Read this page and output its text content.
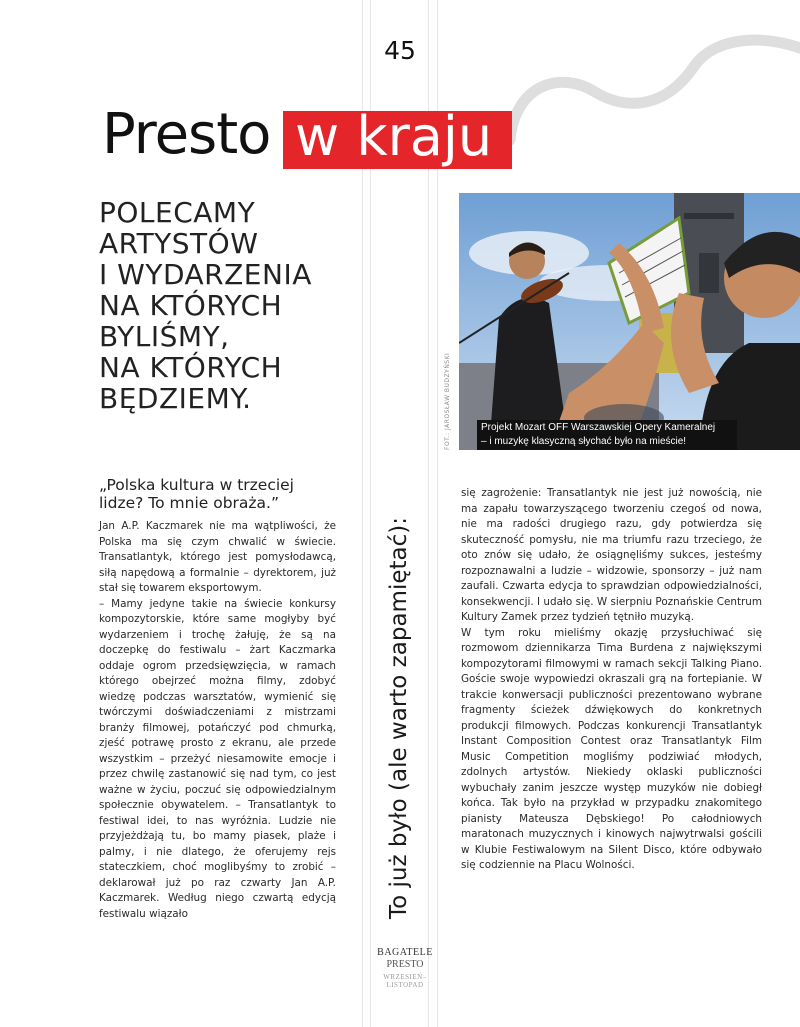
45
Presto w kraju
POLECAMY
ARTYSTÓW
I WYDARZENIA
NA KTÓRYCH
BYLIŚMY,
NA KTÓRYCH
BĘDZIEMY.	FOT.: JAROSŁAW BUDZYŃSKI	Projekt Mozart OFF Warszawskiej Opery Kameralnej
– i muzykę klasyczną słychać było na mieście!
To już było (ale warto zapamiętać):
„Polska kultura w trzeciej lidze? To mnie obraża.”

Jan A.P. Kaczmarek nie ma wątpliwości, że Polska ma się czym chwalić w świecie. Transatlantyk, którego jest pomysłodawcą, siłą napędową a formalnie – dyrektorem, już stał się towarem eksportowym.

– Mamy jedyne takie na świecie konkursy kompozytorskie, które same mogłyby być wydarzeniem i trochę żałuję, że są na doczepkę do festiwalu – żart Kaczmarka oddaje ogrom przedsięwzięcia, w ramach którego obejrzeć można filmy, zdobyć wiedzę podczas warsztatów, wymienić się twórczymi doświadczeniami z mistrzami branży filmowej, potańczyć pod chmurką, zjeść potrawę prosto z ekranu, ale przede wszystkim – przeżyć niesamowite emocje i przez chwilę zastanowić się nad tym, co jest ważne w życiu, poczuć się odpowiedzialnym społecznie obywatelem. – Transatlantyk to festiwal idei, to nas wyróżnia. Ludzie nie przyjeżdżają tu, bo mamy piasek, plaże i palmy, i nie dlatego, że oferujemy rejs stateczkiem, choć moglibyśmy to zrobić – deklarował już po raz czwarty Jan A.P. Kaczmarek. Według niego czwartą edycją festiwalu wiązało

się zagrożenie: Transatlantyk nie jest już nowością, nie ma zapału towarzyszącego tworzeniu czegoś od nowa, nie ma radości drugiego razu, gdy potwierdza się skuteczność pomysłu, nie ma triumfu razu trzeciego, że oto znów się udało, że osiągnęliśmy sukces, jesteśmy rozpoznawalni a ludzie – widzowie, sponsorzy – już nam zaufali. Czwarta edycja to sprawdzian odpowiedzialności, konsekwencji. I udało się. W sierpniu Poznańskie Centrum Kultury Zamek przez tydzień tętniło muzyką.

W tym roku mieliśmy okazję przysłuchiwać się rozmowom dziennikarza Tima Burdena z największymi kompozytorami filmowymi w ramach sekcji Talking Piano. Goście swoje wypowiedzi okraszali grą na fortepianie. W trakcie konwersacji publiczności prezentowano wybrane fragmenty ścieżek dźwiękowych do konkretnych produkcji filmowych. Podczas konkurencji Transatlantyk Instant Composition Contest oraz Transatlantyk Film Music Competition mogliśmy podziwiać młodych, zdolnych artystów. Niekiedy oklaski publiczności wybuchały zanim jeszcze występ muzyków nie dobiegł końca. Tak było na przykład w przypadku znakomitego pianisty Mateusza Dębskiego! Po całodniowych maratonach muzycznych i kinowych najwytrwalsi gościli w Klubie Festiwalowym na Silent Disco, które odbywało się codziennie na Placu Wolności.

BAGATELE
PRESTO
WRZESIEŃ–
LISTOPAD
